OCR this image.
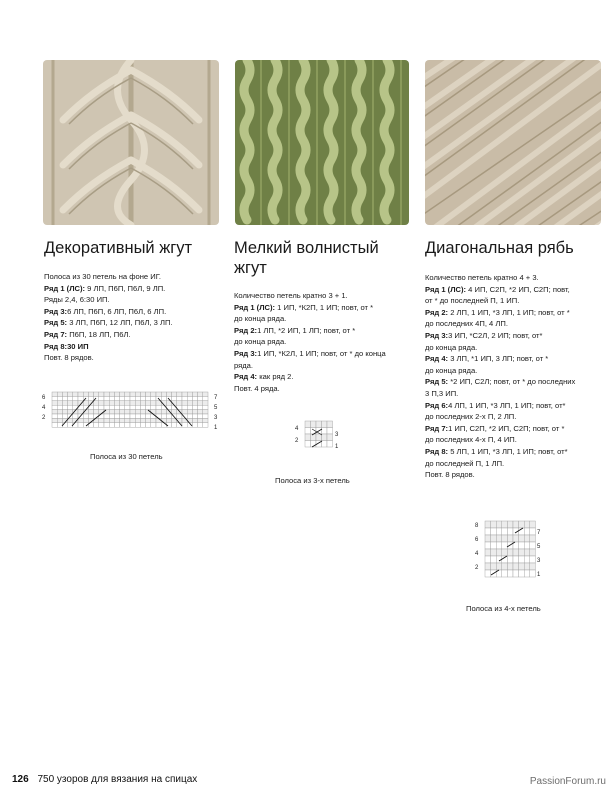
Декоративный жгут
Полоса из 30 петель на фоне ИГ.
Ряд 1 (ЛС): 9 ЛП, П6П, П6Л, 9 ЛП.
Ряды 2,4, 6:30 ИП.
Ряд 3:6 ЛП, П6П, 6 ЛП, П6Л, 6 ЛП.
Ряд 5: 3 ЛП, П6П, 12 ЛП, П6Л, 3 ЛП.
Ряд 7: П6П, 18 ЛП, П6Л.
Ряд 8:30 ИП
Повт. 8 рядов.
6
4
2
7
5
3
1
Полоса из 30 петель
Мелкий волнистый жгут
Количество петель кратно 3 + 1.
Ряд 1 (ЛС): 1 ИП, *К2П, 1 ИП; повт, от *
до конца ряда.
Ряд 2:1 ЛП, *2 ИП, 1 ЛП; повт, от *
до конца ряда.
Ряд 3:1 ИП, *К2Л, 1 ИП; повт, от * до конца
ряда.
Ряд 4: как ряд 2.
Повт. 4 ряда.
4
2
3
1
Полоса из 3-х петель
Диагональная рябь
Количество петель кратно 4 + 3.
Ряд 1 (ЛС): 4 ИП, С2П, *2 ИП, С2П; повт,
от * до последней П, 1 ИП.
Ряд 2: 2 ЛП, 1 ИП, *3 ЛП, 1 ИП; повт, от *
до последних 4П, 4 ЛП.
Ряд 3:3 ИП, *С2Л, 2 ИП; повт, от*
до конца ряда.
Ряд 4: 3 ЛП, *1 ИП, 3 ЛП; повт, от *
до конца ряда.
Ряд 5: *2 ИП, С2Л; повт, от * до последних
3 П,3 ИП.
Ряд 6:4 ЛП, 1 ИП, *3 ЛП, 1 ИП; повт, от*
до последних 2-х П, 2 ЛП.
Ряд 7:1 ИП, С2П, *2 ИП, С2П; повт, от *
до последних 4-х П, 4 ИП.
Ряд 8: 5 ЛП, 1 ИП, *3 ЛП, 1 ИП; повт, от*
до последней П, 1 ЛП.
Повт. 8 рядов.
8
6
4
2
7
5
3
1
Полоса из 4-х петель
126 750 узоров для вязания на спицах	PassionForum.ru
